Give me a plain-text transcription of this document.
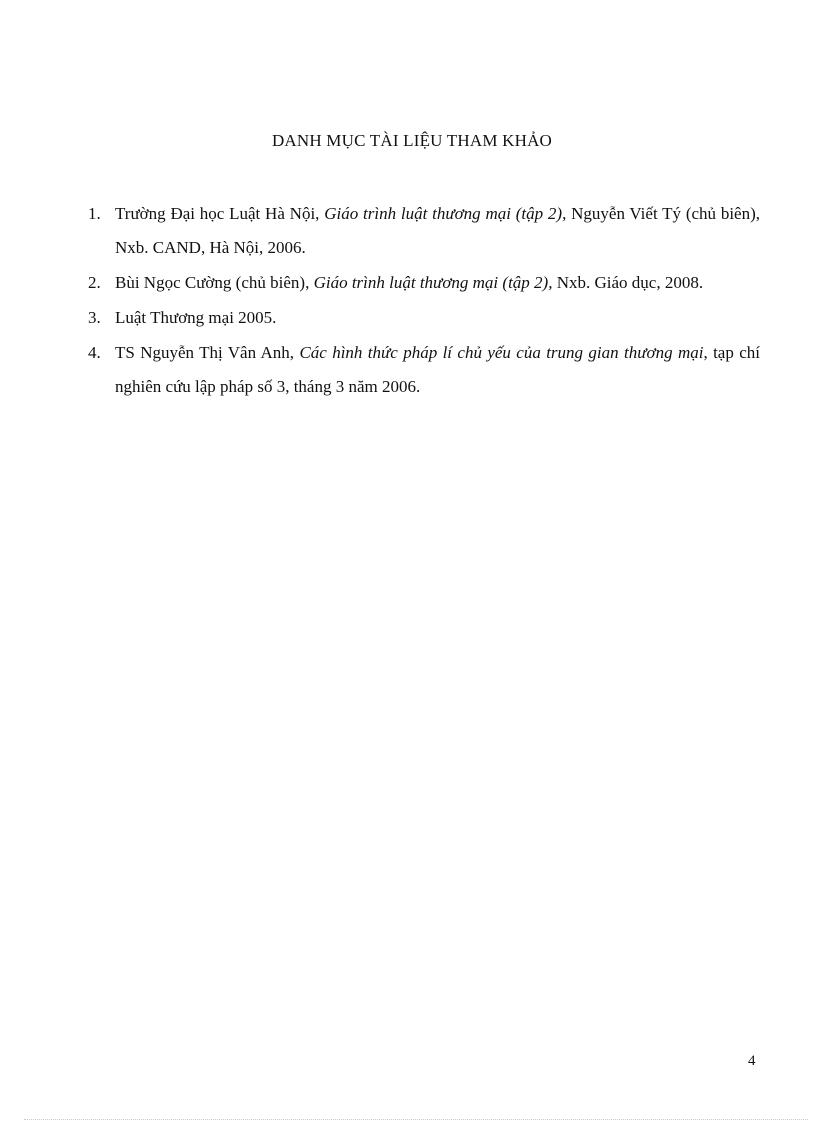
DANH MỤC TÀI LIỆU THAM KHẢO
1. Trường Đại học Luật Hà Nội, Giáo trình luật thương mại (tập 2), Nguyễn Viết Tý (chủ biên), Nxb. CAND, Hà Nội, 2006.
2. Bùi Ngọc Cường (chủ biên), Giáo trình luật thương mại (tập 2), Nxb. Giáo dục, 2008.
3. Luật Thương mại 2005.
4. TS Nguyễn Thị Vân Anh, Các hình thức pháp lí chủ yếu của trung gian thương mại, tạp chí nghiên cứu lập pháp số 3, tháng 3 năm 2006.
4
